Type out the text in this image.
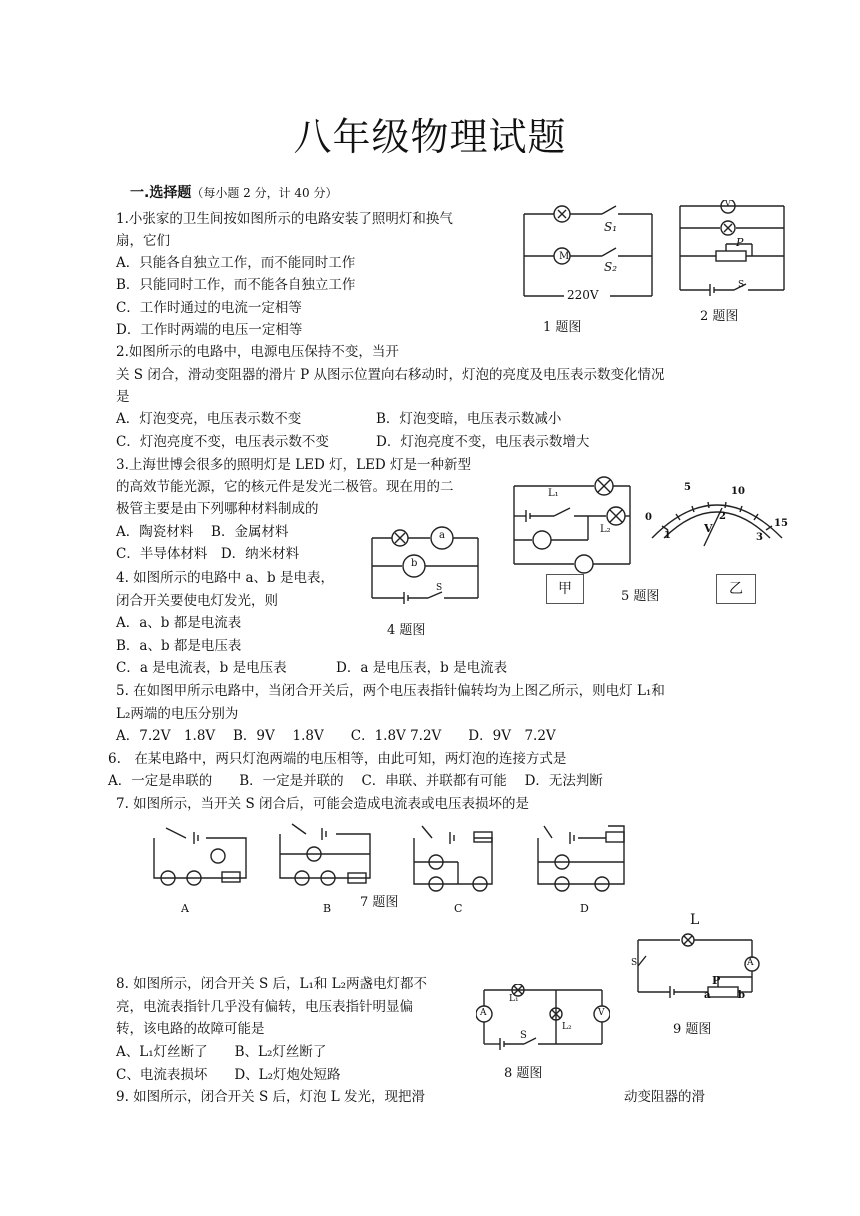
八年级物理试题
一.选择题（每小题 2 分，计 40 分）
1.小张家的卫生间按如图所示的电路安装了照明灯和换气
扇，它们
A．只能各自独立工作，而不能同时工作
B．只能同时工作，而不能各自独立工作
C．工作时通过的电流一定相等
D．工作时两端的电压一定相等
M
S₁
S₂
220V
1 题图
V
P
S
2 题图
2.如图所示的电路中，电源电压保持不变，当开
关 S 闭合，滑动变阻器的滑片 P 从图示位置向右移动时，灯泡的亮度及电压表示数变化情况
是
A．灯泡变亮，电压表示数不变	B．灯泡变暗，电压表示数减小
C．灯泡亮度不变，电压表示数不变	D．灯泡亮度不变，电压表示数增大
3.上海世博会很多的照明灯是 LED 灯，LED 灯是一种新型
的高效节能光源，它的核元件是发光二极管。现在用的二
极管主要是由下列哪种材料制成的
A．陶瓷材料　 B．金属材料
C．半导体材料　D．纳米材料
4. 如图所示的电路中 a、b 是电表，
闭合开关要使电灯发光，则
A．a、b 都是电流表
B．a、b 都是电压表
C．a 是电流表，b 是电压表	D．a 是电压表，b 是电流表
a
b
S
4 题图
L₁
L₂
0
5	10
15
1
2
3
V
甲	5 题图	乙
5. 在如图甲所示电路中，当闭合开关后，两个电压表指针偏转均为上图乙所示，则电灯 L₁和
L₂两端的电压分别为
A．7.2V　1.8V　 B．9V　 1.8V　　C．1.8V 7.2V　　D．9V　7.2V
6.　在某电路中，两只灯泡两端的电压相等，由此可知，两灯泡的连接方式是
A．一定是串联的　　B．一定是并联的　 C．串联、并联都有可能　 D．无法判断
7. 如图所示，当开关 S 闭合后，可能会造成电流表或电压表损坏的是
A	B	C	D
7 题图
L
S	A
P
a	b
9 题图
8. 如图所示，闭合开关 S 后，L₁和 L₂两盏电灯都不
亮，电流表指针几乎没有偏转，电压表指针明显偏
转，该电路的故障可能是
A、L₁灯丝断了　　B、L₂灯丝断了
C、电流表损坏　　D、L₂灯炮处短路
A	V
L₁
L₂
S
8 题图
9. 如图所示，闭合开关 S 后，灯泡 L 发光，现把滑	动变阻器的滑
